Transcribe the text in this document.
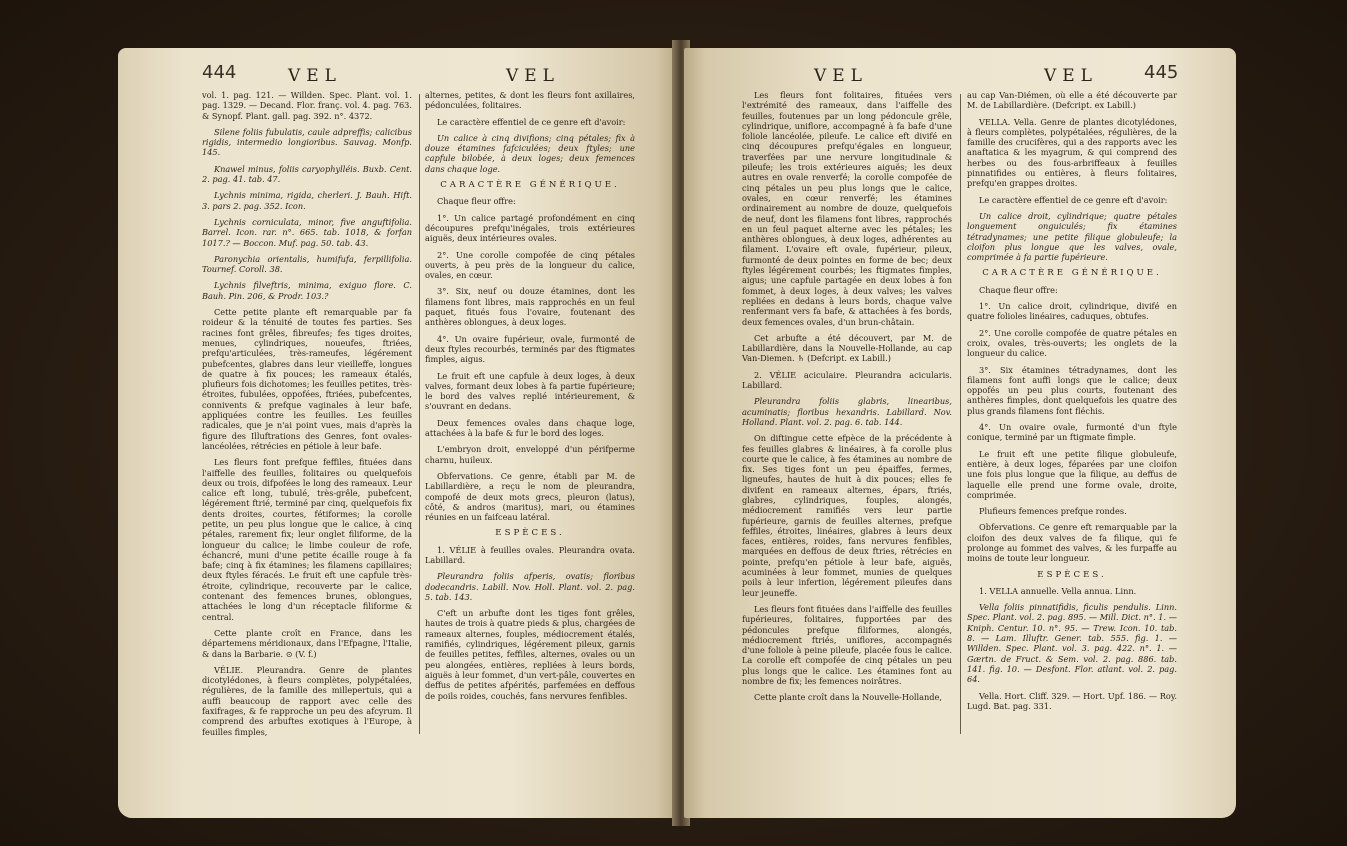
444	VEL	VEL

vol. 1. pag. 121. — Willden. Spec. Plant. vol. 1. pag. 1329. — Decand. Flor. franç. vol. 4. pag. 763. & Synopf. Plant. gall. pag. 392. n°. 4372.

Silene foliis fubulatis, caule adpreffis; calicibus rigidis, intermedio longioribus. Sauvag. Monfp. 145.

Knawel minus, foliis caryophylléis. Buxb. Cent. 2. pag. 41. tab. 47.

Lychnis minima, rigida, cherleri. J. Bauh. Hift. 3. pars 2. pag. 352. Icon.

Lychnis corniculata, minor, five anguftifolia. Barrel. Icon. rar. n°. 665. tab. 1018, & forfan 1017.? — Boccon. Muf. pag. 50. tab. 43.

Paronychia orientalis, humifufa, ferpillifolia. Tournef. Coroll. 38.

Lychnis filveftris, minima, exiguo flore. C. Bauh. Pin. 206, & Prodr. 103.?

Cette petite plante eft remarquable par fa roideur & la ténuité de toutes fes parties. Ses racines font grêles, fibreufes; fes tiges droites, menues, cylindriques, noueufes, ftriées, prefqu'articulées, très-rameufes, légérement pubefcentes, glabres dans leur vieilleffe, longues de quatre à fix pouces; les rameaux étalés, plufieurs fois dichotomes; les feuilles petites, très-étroites, fubulées, oppofées, ftriées, pubefcentes, connivents & prefque vaginales à leur bafe, appliquées contre les feuilles. Les feuilles radicales, que je n'ai point vues, mais d'après la figure des Illuftrations des Genres, font ovales-lancéolées, rétrécies en pétiole à leur bafe.

Les fleurs font prefque feffiles, fituées dans l'aiffelle des feuilles, folitaires ou quelquefois deux ou trois, difpofées le long des rameaux. Leur calice eft long, tubulé, très-grêle, pubefcent, légérement ftrié, terminé par cinq, quelquefois fix dents droites, courtes, fétiformes; la corolle petite, un peu plus longue que le calice, à cinq pétales, rarement fix; leur onglet filiforme, de la longueur du calice; le limbe couleur de rofe, échancré, muni d'une petite écaille rouge à fa bafe; cinq à fix étamines; les filamens capillaires; deux ftyles féracés. Le fruit eft une capfule très-étroite, cylindrique, recouverte par le calice, contenant des femences brunes, oblongues, attachées le long d'un réceptacle filiforme & central.

Cette plante croît en France, dans les départemens méridionaux, dans l'Efpagne, l'Italie, & dans la Barbarie. ⊙ (V. f.)

VÉLIE. Pleurandra. Genre de plantes dicotylédones, à fleurs complètes, polypétalées, régulières, de la famille des millepertuis, qui a auffi beaucoup de rapport avec celle des faxifrages, & fe rapproche un peu des afcyrum. Il comprend des arbuftes exotiques à l'Europe, à feuilles fimples,

alternes, petites, & dont les fleurs font axillaires, pédonculées, folitaires.

Le caractère effentiel de ce genre eft d'avoir:

Un calice à cinq divifions; cinq pétales; fix à douze étamines fafciculées; deux ftyles; une capfule bilobée, à deux loges; deux femences dans chaque loge.

CARACTÈRE GÉNÉRIQUE.

Chaque fleur offre:

1°. Un calice partagé profondément en cinq découpures prefqu'inégales, trois extérieures aiguës, deux intérieures ovales.

2°. Une corolle compofée de cinq pétales ouverts, à peu près de la longueur du calice, ovales, en cœur.

3°. Six, neuf ou douze étamines, dont les filamens font libres, mais rapprochés en un feul paquet, fitués fous l'ovaire, foutenant des anthères oblongues, à deux loges.

4°. Un ovaire fupérieur, ovale, furmonté de deux ftyles recourbés, terminés par des ftigmates fimples, aigus.

Le fruit eft une capfule à deux loges, à deux valves, formant deux lobes à fa partie fupérieure; le bord des valves replié intérieurement, & s'ouvrant en dedans.

Deux femences ovales dans chaque loge, attachées à la bafe & fur le bord des loges.

L'embryon droit, enveloppé d'un périfperme charnu, huileux.

Obfervations. Ce genre, établi par M. de Labillardière, a reçu le nom de pleurandra, compofé de deux mots grecs, pleuron (latus), côté, & andros (maritus), mari, ou étamines réunies en un faifceau latéral.

ESPÈCES.

1. VÉLIE à feuilles ovales. Pleurandra ovata. Labillard.

Pleurandra foliis afperis, ovatis; floribus dodecandris. Labill. Nov. Holl. Plant. vol. 2. pag. 5. tab. 143.

C'eft un arbufte dont les tiges font grêles, hautes de trois à quatre pieds & plus, chargées de rameaux alternes, fouples, médiocrement étalés, ramifiés, cylindriques, légérement pileux, garnis de feuilles petites, feffiles, alternes, ovales ou un peu alongées, entières, repliées à leurs bords, aiguës à leur fommet, d'un vert-pâle, couvertes en deffus de petites afpérités, parfemées en deffous de poils roides, couchés, fans nervures fenfibles.

VEL	VEL	445

Les fleurs font folitaires, fituées vers l'extrémité des rameaux, dans l'aiffelle des feuilles, foutenues par un long pédoncule grêle, cylindrique, uniflore, accompagné à fa bafe d'une foliole lancéolée, pileufe. Le calice eft divifé en cinq découpures prefqu'égales en longueur, traverfées par une nervure longitudinale & pileufe; les trois extérieures aiguës; les deux autres en ovale renverfé; la corolle compofée de cinq pétales un peu plus longs que le calice, ovales, en cœur renverfé; les étamines ordinairement au nombre de douze, quelquefois de neuf, dont les filamens font libres, rapprochés en un feul paquet alterne avec les pétales; les anthères oblongues, à deux loges, adhérentes au filament. L'ovaire eft ovale, fupérieur, pileux, furmonté de deux pointes en forme de bec; deux ftyles légérement courbés; les ftigmates fimples, aigus; une capfule partagée en deux lobes à fon fommet, à deux loges, à deux valves; les valves repliées en dedans à leurs bords, chaque valve renfermant vers fa bafe, & attachées à fes bords, deux femences ovales, d'un brun-châtain.

Cet arbufte a été découvert, par M. de Labillardière, dans la Nouvelle-Hollande, au cap Van-Diemen. ♄ (Defcript. ex Labill.)

2. VÉLIE aciculaire. Pleurandra acicularis. Labillard.

Pleurandra foliis glabris, linearibus, acuminatis; floribus hexandris. Labillard. Nov. Holland. Plant. vol. 2. pag. 6. tab. 144.

On diftingue cette efpèce de la précédente à fes feuilles glabres & linéaires, à fa corolle plus courte que le calice, à fes étamines au nombre de fix. Ses tiges font un peu épaiffes, fermes, ligneufes, hautes de huit à dix pouces; elles fe divifent en rameaux alternes, épars, ftriés, glabres, cylindriques, fouples, alongés, médiocrement ramifiés vers leur partie fupérieure, garnis de feuilles alternes, prefque feffiles, étroites, linéaires, glabres à leurs deux faces, entières, roides, fans nervures fenfibles, marquées en deffous de deux ftries, rétrécies en pointe, prefqu'en pétiole à leur bafe, aiguës, acuminées à leur fommet, munies de quelques poils à leur infertion, légérement pileufes dans leur jeuneffe.

Les fleurs font fituées dans l'aiffelle des feuilles fupérieures, folitaires, fupportées par des pédoncules prefque filiformes, alongés, médiocrement ftriés, uniflores, accompagnés d'une foliole à peine pileufe, placée fous le calice. La corolle eft compofée de cinq pétales un peu plus longs que le calice. Les étamines font au nombre de fix; les femences noirâtres.

Cette plante croît dans la Nouvelle-Hollande,

au cap Van-Diémen, où elle a été découverte par M. de Labillardière. (Defcript. ex Labill.)

VELLA. Vella. Genre de plantes dicotylédones, à fleurs complètes, polypétalées, régulières, de la famille des crucifères, qui a des rapports avec les anaftatica & les myagrum, & qui comprend des herbes ou des fous-arbriffeaux à feuilles pinnatifides ou entières, à fleurs folitaires, prefqu'en grappes droites.

Le caractère effentiel de ce genre eft d'avoir:

Un calice droit, cylindrique; quatre pétales longuement onguiculés; fix étamines tétradynames; une petite filique globuleufe; la cloifon plus longue que les valves, ovale, comprimée à fa partie fupérieure.

CARACTÈRE GÉNÉRIQUE.

Chaque fleur offre:

1°. Un calice droit, cylindrique, divifé en quatre folioles linéaires, caduques, obtufes.

2°. Une corolle compofée de quatre pétales en croix, ovales, très-ouverts; les onglets de la longueur du calice.

3°. Six étamines tétradynames, dont les filamens font auffi longs que le calice; deux oppofés un peu plus courts, foutenant des anthères fimples, dont quelquefois les quatre des plus grands filamens font fléchis.

4°. Un ovaire ovale, furmonté d'un ftyle conique, terminé par un ftigmate fimple.

Le fruit eft une petite filique globuleufe, entière, à deux loges, féparées par une cloifon une fois plus longue que la filique, au deffus de laquelle elle prend une forme ovale, droite, comprimée.

Plufieurs femences prefque rondes.

Obfervations. Ce genre eft remarquable par la cloifon des deux valves de fa filique, qui fe prolonge au fommet des valves, & les furpaffe au moins de toute leur longueur.

ESPÈCES.

1. VELLA annuelle. Vella annua. Linn.

Vella foliis pinnatifidis, ficulis pendulis. Linn. Spec. Plant. vol. 2. pag. 895. — Mill. Dict. n°. 1. — Kniph. Centur. 10. n°. 95. — Trew. Icon. 10. tab. 8. — Lam. Illuftr. Gener. tab. 555. fig. 1. — Willden. Spec. Plant. vol. 3. pag. 422. n°. 1. — Gærtn. de Fruct. & Sem. vol. 2. pag. 886. tab. 141. fig. 10. — Desfont. Flor. atlant. vol. 2. pag. 64.

Vella. Hort. Cliff. 329. — Hort. Upf. 186. — Roy. Lugd. Bat. pag. 331.
